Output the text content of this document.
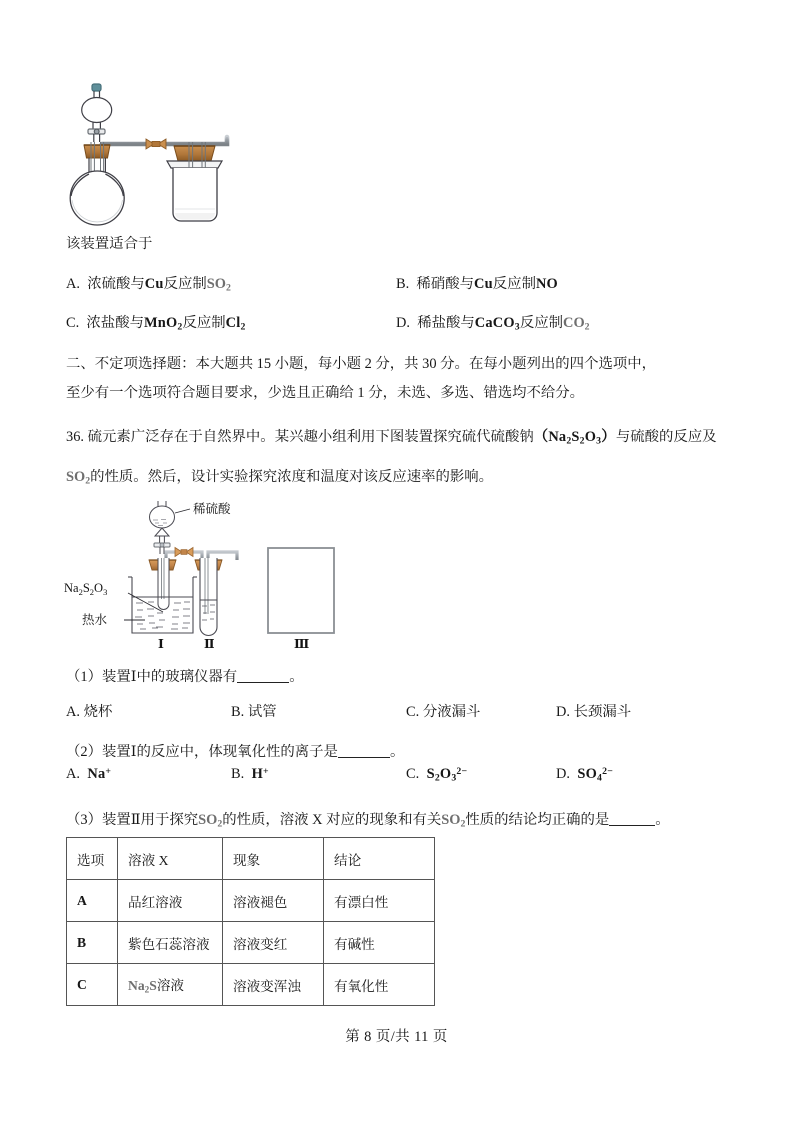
该装置适合于
A.  浓硫酸与Cu反应制$SO_2$	B.  稀硝酸与Cu反应制NO
C.  浓盐酸与MnO$_2$反应制$Cl_2$	D.  稀盐酸与CaCO$_3$反应制$CO_2$
二、不定项选择题：本大题共 15 小题，每小题 2 分，共 30 分。在每小题列出的四个选项中，
至少有一个选项符合题目要求，少选且正确给 1 分，未选、多选、错选均不给分。
36. 硫元素广泛存在于自然界中。某兴趣小组利用下图装置探究硫代硫酸钠$(Na_2S_2O_3)$与硫酸的反应及
$SO_2$的性质。然后，设计实验探究浓度和温度对该反应速率的影响。
稀硫酸
$Na_2S_2O_3$
热水
Ⅰ	Ⅱ	Ⅲ
（1）装置Ⅰ中的玻璃仪器有	。
A. 烧杯	B. 试管	C. 分液漏斗	D. 长颈漏斗
（2）装置Ⅰ的反应中，体现氧化性的离子是	。
A.  Na+	B.  H+	C.  $S_2O_3^{2-}$	D.  $SO_4^{2-}$
（3）装置Ⅱ用于探究$SO_2$的性质，溶液 X 对应的现象和有关$SO_2$性质的结论均正确的是	。
选项	溶液 X	现象	结论

A	品红溶液	溶液褪色	有漂白性

B	紫色石蕊溶液	溶液变红	有碱性

C	$Na_2S$溶液	溶液变浑浊	有氧化性
第 8 页/共 11 页
